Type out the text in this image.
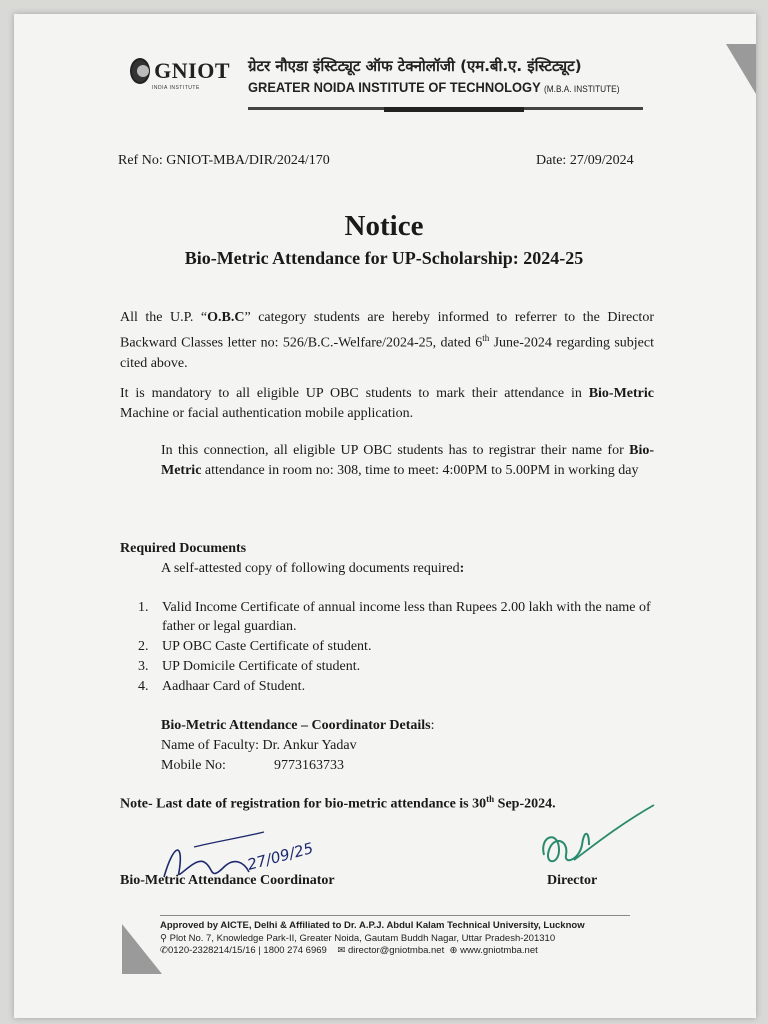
GNIOT
INDIA INSTITUTE
ग्रेटर नौएडा इंस्टिट्यूट ऑफ टेक्नोलॉजी (एम.बी.ए. इंस्टिट्यूट)
GREATER NOIDA INSTITUTE OF TECHNOLOGY (M.B.A. INSTITUTE)
Ref No: GNIOT-MBA/DIR/2024/170	Date: 27/09/2024
Notice
Bio-Metric Attendance for UP-Scholarship: 2024-25
All the U.P. “O.B.C” category students are hereby informed to referrer to the Director Backward Classes letter no: 526/B.C.-Welfare/2024-25, dated 6th June-2024 regarding subject cited above.
It is mandatory to all eligible UP OBC students to mark their attendance in Bio-Metric Machine or facial authentication mobile application.
In this connection, all eligible UP OBC students has to registrar their name for Bio-Metric attendance in room no: 308, time to meet: 4:00PM to 5.00PM in working day
Required Documents
A self-attested copy of following documents required:
1. Valid Income Certificate of annual income less than Rupees 2.00 lakh with the name of father or legal guardian.
2. UP OBC Caste Certificate of student.
3. UP Domicile Certificate of student.
4. Aadhaar Card of Student.
Bio-Metric Attendance – Coordinator Details:
Name of Faculty: Dr. Ankur Yadav
Mobile No:	9773163733
Note- Last date of registration for bio-metric attendance is 30th Sep-2024.
27/09/25
Bio-Metric Attendance Coordinator	Director
Approved by AICTE, Delhi & Affiliated to Dr. A.P.J. Abdul Kalam Technical University, Lucknow
⚲ Plot No. 7, Knowledge Park-II, Greater Noida, Gautam Buddh Nagar, Uttar Pradesh-201310
✆0120-2328214/15/16 | 1800 274 6969 ✉ director@gniotmba.net ⊕ www.gniotmba.net
